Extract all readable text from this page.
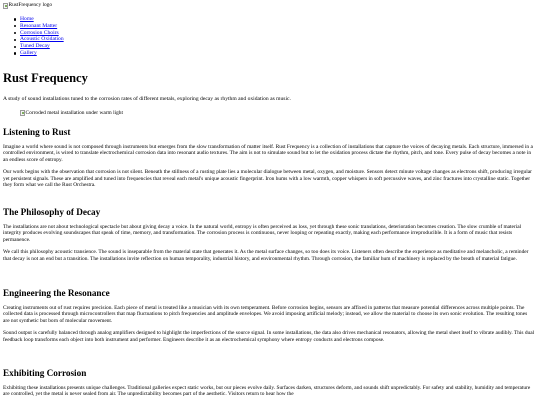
RustFrequency logo
Home
Resonant Matter
Corrosion Choirs
Acoustic Oxidation
Tuned Decay
Gallery
Rust Frequency

A study of sound installations tuned to the corrosion rates of different metals, exploring decay as rhythm and oxidation as music.

Corroded metal installation under warm light
Listening to Rust

Imagine a world where sound is not composed through instruments but emerges from the slow transformation of matter itself. Rust Frequency is a collection of installations that capture the voices of decaying metals. Each structure, immersed in a controlled environment, is wired to translate electrochemical corrosion data into resonant audio textures. The aim is not to simulate sound but to let the oxidation process dictate the rhythm, pitch, and tone. Every pulse of decay becomes a note in an endless score of entropy.

Our work begins with the observation that corrosion is not silent. Beneath the stillness of a rusting plate lies a molecular dialogue between metal, oxygen, and moisture. Sensors detect minute voltage changes as electrons shift, producing irregular yet persistent signals. These are amplified and tuned into frequencies that reveal each metal's unique acoustic fingerprint. Iron hums with a low warmth, copper whispers in soft percussive waves, and zinc fractures into crystalline static. Together they form what we call the Rust Orchestra.

The Philosophy of Decay

The installations are not about technological spectacle but about giving decay a voice. In the natural world, entropy is often perceived as loss, yet through these sonic translations, deterioration becomes creation. The slow crumble of material integrity produces evolving soundscapes that speak of time, memory, and transformation. The corrosion process is continuous, never looping or repeating exactly, making each performance irreproducible. It is a form of music that resists permanence.

We call this philosophy acoustic transience. The sound is inseparable from the material state that generates it. As the metal surface changes, so too does its voice. Listeners often describe the experience as meditative and melancholic, a reminder that decay is not an end but a transition. The installations invite reflection on human temporality, industrial history, and environmental rhythm. Through corrosion, the familiar hum of machinery is replaced by the breath of material fatigue.

Engineering the Resonance

Creating instruments out of rust requires precision. Each piece of metal is treated like a musician with its own temperament. Before corrosion begins, sensors are affixed in patterns that measure potential differences across multiple points. The collected data is processed through microcontrollers that map fluctuations to pitch frequencies and amplitude envelopes. We avoid imposing artificial melody; instead, we allow the material to choose its own sonic evolution. The resulting tones are not synthetic but born of molecular movement.

Sound output is carefully balanced through analog amplifiers designed to highlight the imperfections of the source signal. In some installations, the data also drives mechanical resonators, allowing the metal sheet itself to vibrate audibly. This dual feedback loop transforms each object into both instrument and performer. Engineers describe it as an electrochemical symphony where entropy conducts and electrons compose.

Exhibiting Corrosion

Exhibiting these installations presents unique challenges. Traditional galleries expect static works, but our pieces evolve daily. Surfaces darken, structures deform, and sounds shift unpredictably. For safety and stability, humidity and temperature are controlled, yet the metal is never sealed from air. The unpredictability becomes part of the aesthetic. Visitors return to hear how the
